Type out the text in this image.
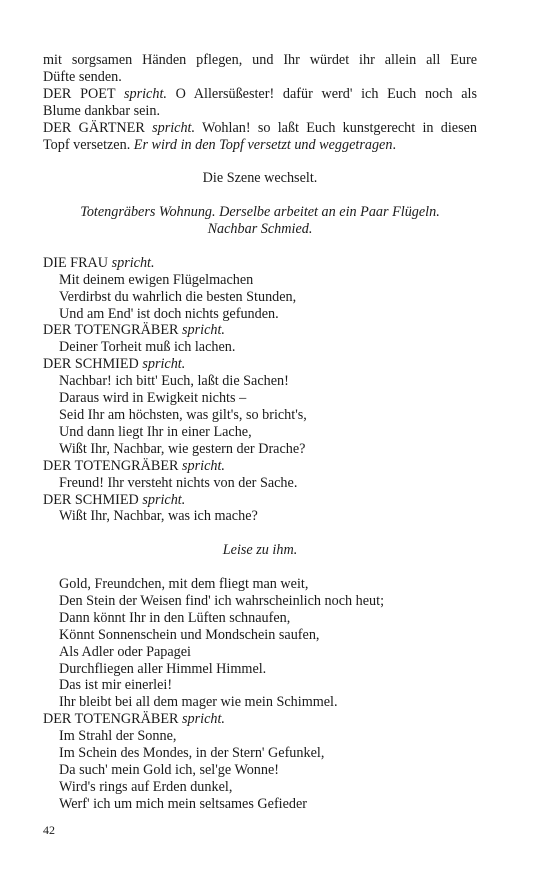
mit sorgsamen Händen pflegen, und Ihr würdet ihr allein all Eure
Düfte senden.
DER POET spricht. O Allersüßester! dafür werd' ich Euch noch als
Blume dankbar sein.
DER GÄRTNER spricht. Wohlan! so laßt Euch kunstgerecht in diesen
Topf versetzen. Er wird in den Topf versetzt und weggetragen.
Die Szene wechselt.
Totengräbers Wohnung. Derselbe arbeitet an ein Paar Flügeln.
Nachbar Schmied.
DIE FRAU spricht.
Mit deinem ewigen Flügelmachen
Verdirbst du wahrlich die besten Stunden,
Und am End' ist doch nichts gefunden.
DER TOTENGRÄBER spricht.
Deiner Torheit muß ich lachen.
DER SCHMIED spricht.
Nachbar! ich bitt' Euch, laßt die Sachen!
Daraus wird in Ewigkeit nichts –
Seid Ihr am höchsten, was gilt's, so bricht's,
Und dann liegt Ihr in einer Lache,
Wißt Ihr, Nachbar, wie gestern der Drache?
DER TOTENGRÄBER spricht.
Freund! Ihr versteht nichts von der Sache.
DER SCHMIED spricht.
Wißt Ihr, Nachbar, was ich mache?
Leise zu ihm.
Gold, Freundchen, mit dem fliegt man weit,
Den Stein der Weisen find' ich wahrscheinlich noch heut;
Dann könnt Ihr in den Lüften schnaufen,
Könnt Sonnenschein und Mondschein saufen,
Als Adler oder Papagei
Durchfliegen aller Himmel Himmel.
Das ist mir einerlei!
Ihr bleibt bei all dem mager wie mein Schimmel.
DER TOTENGRÄBER spricht.
Im Strahl der Sonne,
Im Schein des Mondes, in der Stern' Gefunkel,
Da such' mein Gold ich, sel'ge Wonne!
Wird's rings auf Erden dunkel,
Werf' ich um mich mein seltsames Gefieder
42
